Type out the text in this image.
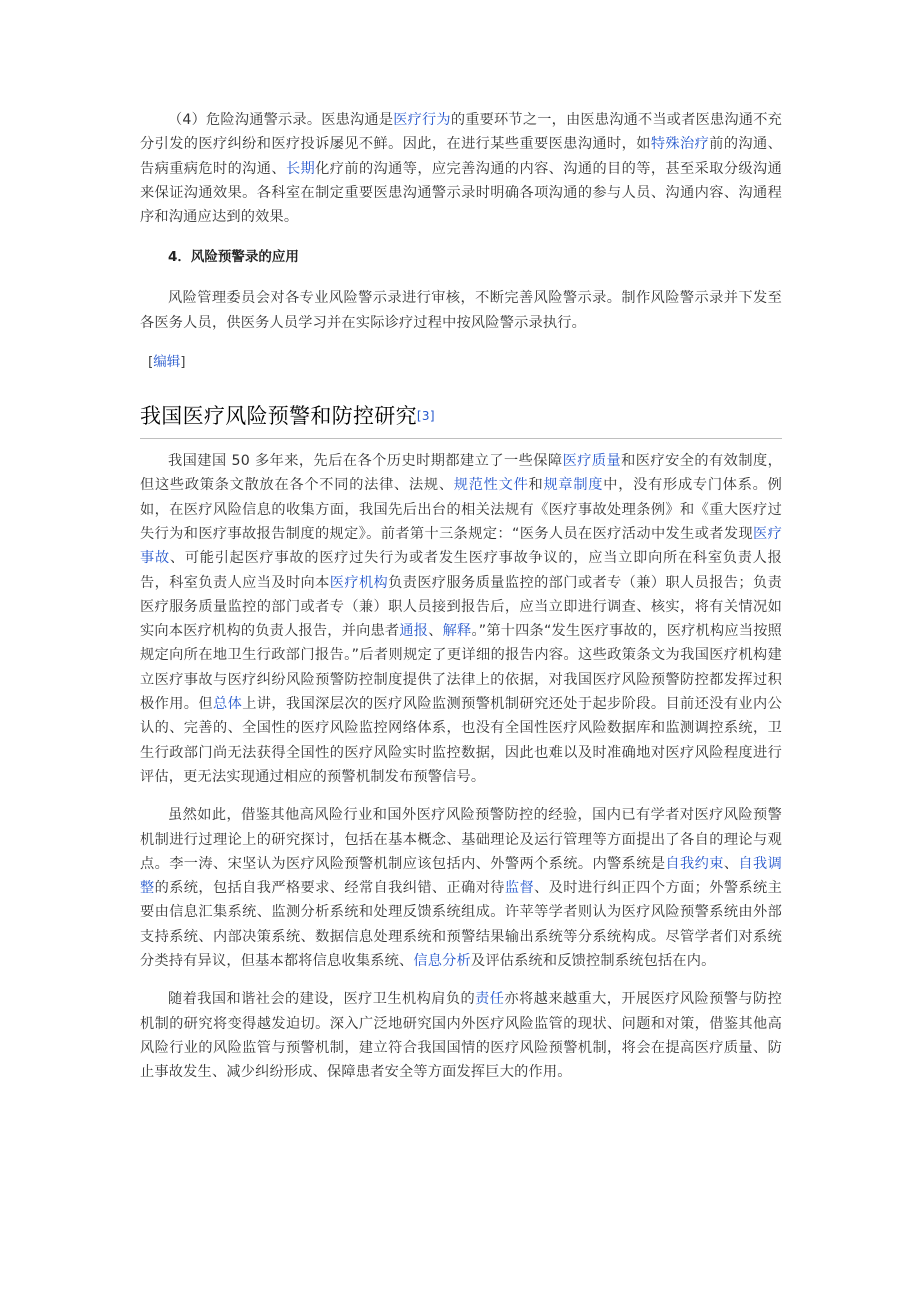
（4）危险沟通警示录。医患沟通是医疗行为的重要环节之一，由医患沟通不当或者医患沟通不充分引发的医疗纠纷和医疗投诉屡见不鲜。因此，在进行某些重要医患沟通时，如特殊治疗前的沟通、告病重病危时的沟通、长期化疗前的沟通等，应完善沟通的内容、沟通的目的等，甚至采取分级沟通来保证沟通效果。各科室在制定重要医患沟通警示录时明确各项沟通的参与人员、沟通内容、沟通程序和沟通应达到的效果。

4．风险预警录的应用

风险管理委员会对各专业风险警示录进行审核，不断完善风险警示录。制作风险警示录并下发至各医务人员，供医务人员学习并在实际诊疗过程中按风险警示录执行。

[编辑]
我国医疗风险预警和防控研究[3]

我国建国 50 多年来，先后在各个历史时期都建立了一些保障医疗质量和医疗安全的有效制度，但这些政策条文散放在各个不同的法律、法规、规范性文件和规章制度中，没有形成专门体系。例如，在医疗风险信息的收集方面，我国先后出台的相关法规有《医疗事故处理条例》和《重大医疗过失行为和医疗事故报告制度的规定》。前者第十三条规定：“医务人员在医疗活动中发生或者发现医疗事故、可能引起医疗事故的医疗过失行为或者发生医疗事故争议的，应当立即向所在科室负责人报告，科室负责人应当及时向本医疗机构负责医疗服务质量监控的部门或者专（兼）职人员报告；负责医疗服务质量监控的部门或者专（兼）职人员接到报告后，应当立即进行调查、核实，将有关情况如实向本医疗机构的负责人报告，并向患者通报、解释。”第十四条“发生医疗事故的，医疗机构应当按照规定向所在地卫生行政部门报告。”后者则规定了更详细的报告内容。这些政策条文为我国医疗机构建立医疗事故与医疗纠纷风险预警防控制度提供了法律上的依据，对我国医疗风险预警防控都发挥过积极作用。但总体上讲，我国深层次的医疗风险监测预警机制研究还处于起步阶段。目前还没有业内公认的、完善的、全国性的医疗风险监控网络体系，也没有全国性医疗风险数据库和监测调控系统，卫生行政部门尚无法获得全国性的医疗风险实时监控数据，因此也难以及时准确地对医疗风险程度进行评估，更无法实现通过相应的预警机制发布预警信号。

虽然如此，借鉴其他高风险行业和国外医疗风险预警防控的经验，国内已有学者对医疗风险预警机制进行过理论上的研究探讨，包括在基本概念、基础理论及运行管理等方面提出了各自的理论与观点。李一涛、宋坚认为医疗风险预警机制应该包括内、外警两个系统。内警系统是自我约束、自我调整的系统，包括自我严格要求、经常自我纠错、正确对待监督、及时进行纠正四个方面；外警系统主要由信息汇集系统、监测分析系统和处理反馈系统组成。许苹等学者则认为医疗风险预警系统由外部支持系统、内部决策系统、数据信息处理系统和预警结果输出系统等分系统构成。尽管学者们对系统分类持有异议，但基本都将信息收集系统、信息分析及评估系统和反馈控制系统包括在内。

随着我国和谐社会的建设，医疗卫生机构肩负的责任亦将越来越重大，开展医疗风险预警与防控机制的研究将变得越发迫切。深入广泛地研究国内外医疗风险监管的现状、问题和对策，借鉴其他高风险行业的风险监管与预警机制，建立符合我国国情的医疗风险预警机制，将会在提高医疗质量、防止事故发生、减少纠纷形成、保障患者安全等方面发挥巨大的作用。
